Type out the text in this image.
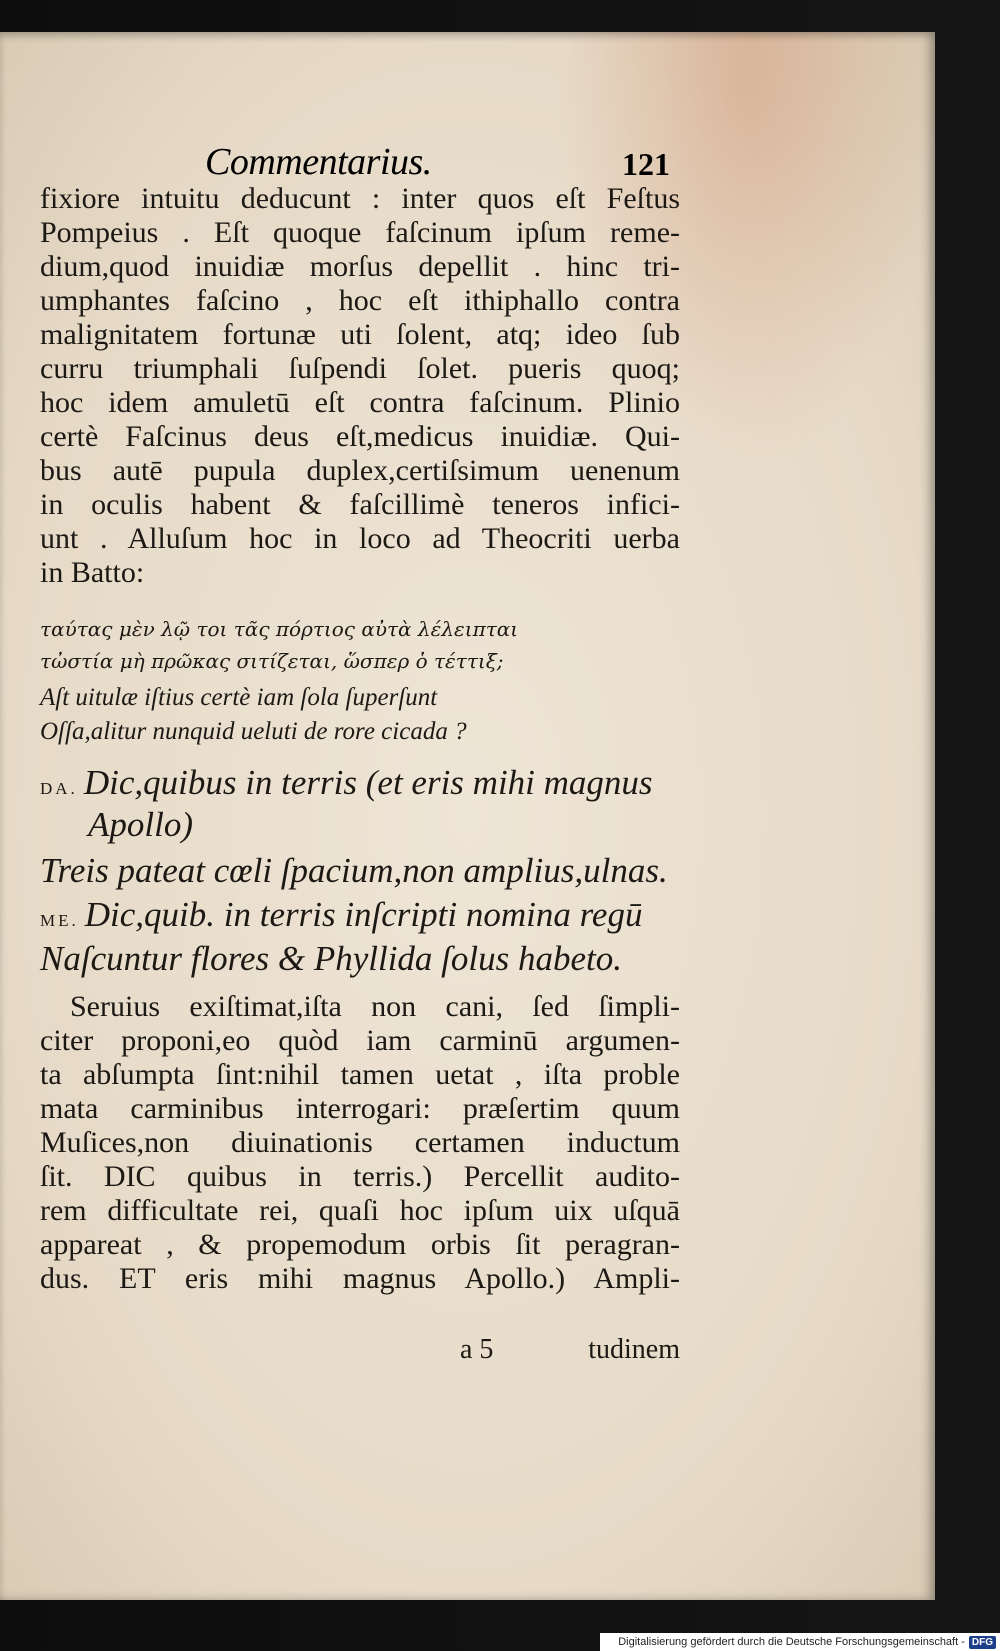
Commentarius.	121
fixiore intuitu deducunt : inter quos eſt Feſtus
Pompeius . Eſt quoque faſcinum ipſum reme-
dium,quod inuidiæ morſus depellit . hinc tri-
umphantes faſcino , hoc eſt ithiphallo contra
malignitatem fortunæ uti ſolent, atq; ideo ſub
curru triumphali ſuſpendi ſolet. pueris quoq;
hoc idem amuletū eſt contra faſcinum. Plinio
certè Faſcinus deus eſt,medicus inuidiæ. Qui-
bus autē pupula duplex,certiſsimum uenenum
in oculis habent & faſcillimè teneros infici-
unt . Alluſum hoc in loco ad Theocriti uerba
in Batto:
ταύτας μὲν λῷ τοι τᾶς πόρτιος αὐτὰ λέλειπται
τὠστία μὴ πρῶκας σιτίζεται, ὥσπερ ὁ τέττιξ;
Aſt uitulæ iſtius certè iam ſola ſuperſunt
Oſſa,alitur nunquid ueluti de rore cicada ?
DA. Dic,quibus in terris (et eris mihi magnus
Apollo)
Treis pateat cœli ſpacium,non amplius,ulnas.
ME. Dic,quib. in terris inſcripti nomina regū
Naſcuntur flores & Phyllida ſolus habeto.
Seruius exiſtimat,iſta non cani, ſed ſimpli-
citer proponi,eo quòd iam carminū argumen-
ta abſumpta ſint:nihil tamen uetat , iſta proble
mata carminibus interrogari: præſertim quum
Muſices,non diuinationis certamen inductum
ſit. DIC quibus in terris.) Percellit audito-
rem difficultate rei, quaſi hoc ipſum uix uſquā
appareat , & propemodum orbis ſit peragran-
dus. ET eris mihi magnus Apollo.) Ampli-
a 5	tudinem
Digitalisierung gefördert durch die Deutsche Forschungsgemeinschaft - DFG
